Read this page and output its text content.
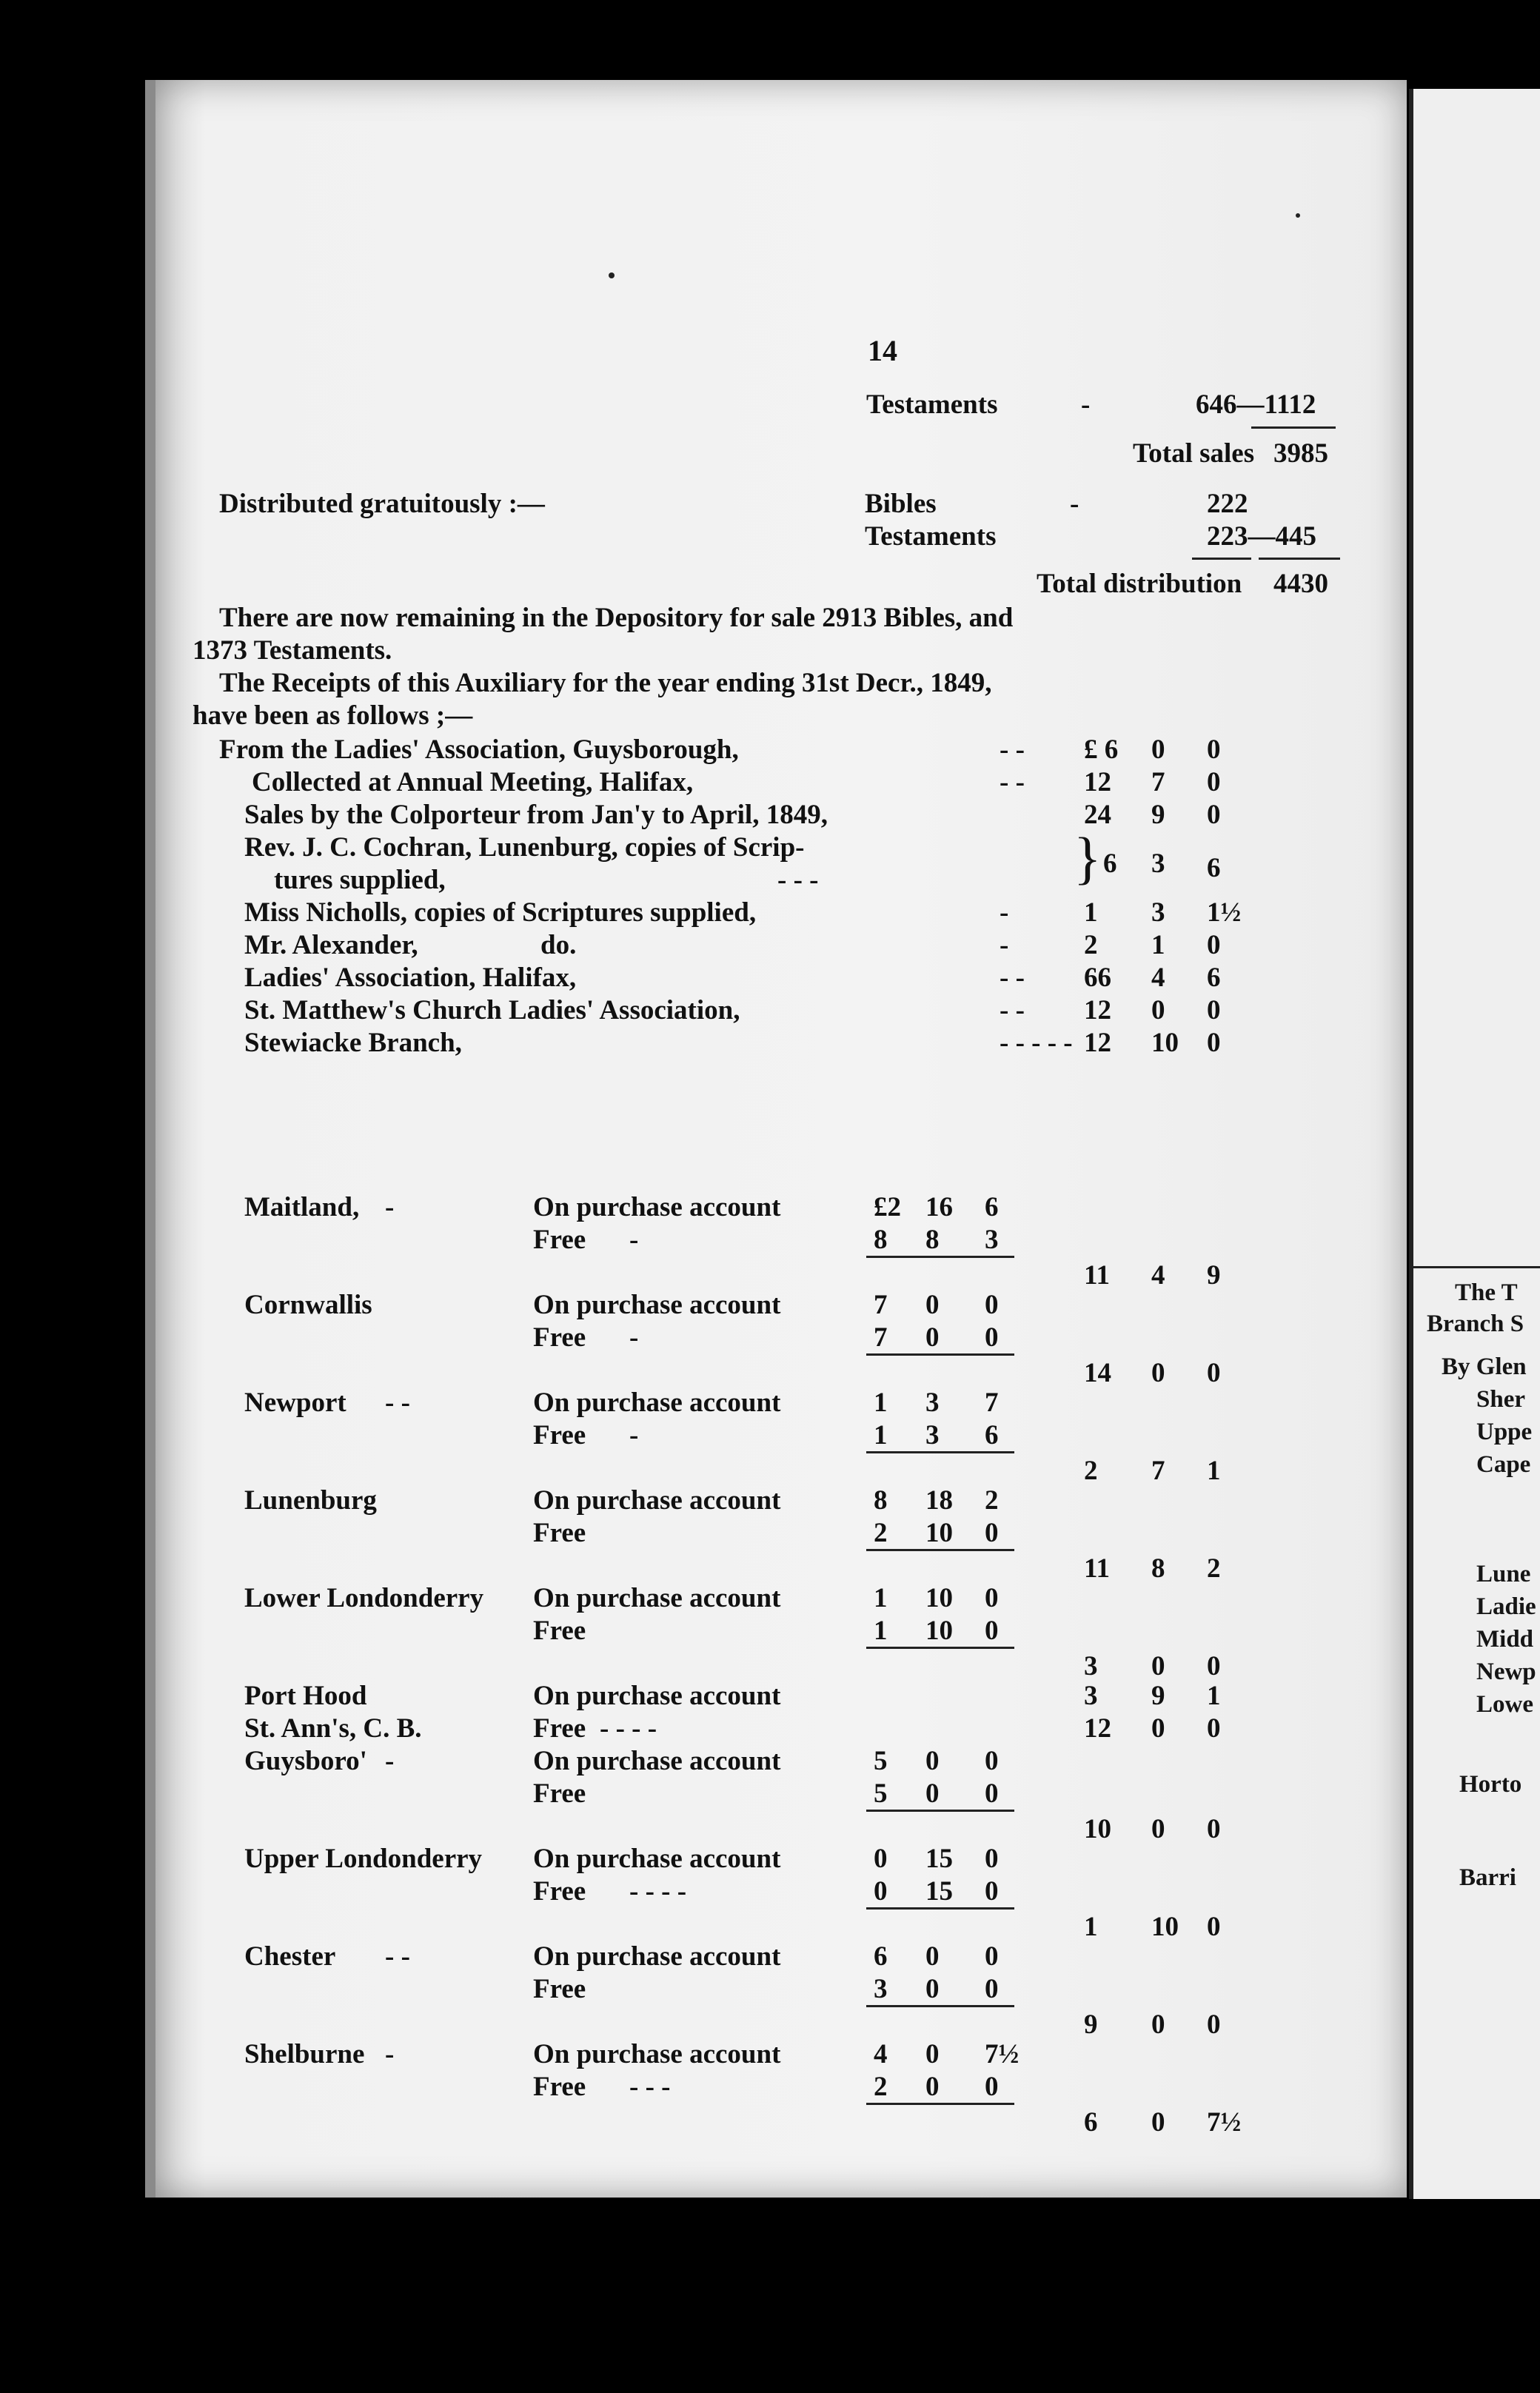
The T
Branch S
By Glen
Sher
Uppe
Cape
Lune
Ladie
Midd
Newp
Lowe
Horto
Barri
14
Testaments	-	646—1112
Total sales 3985
Distributed gratuitously :—	Bibles	-	222
Testaments	223—445
Total distribution 4430
There are now remaining in the Depository for sale 2913 Bibles, and
1373 Testaments.
The Receipts of this Auxiliary for the year ending 31st Decr., 1849,
have been as follows ;—
From the Ladies' Association, Guysborough,	- - £ 6 0 0
Collected at Annual Meeting, Halifax,	- - 12 7 0
Sales by the Colporteur from Jan'y to April, 1849,	24 9 0
Rev. J. C. Cochran, Lunenburg, copies of Scrip-
tures supplied,	- - -	} 6 3 6
Miss Nicholls, copies of Scriptures supplied,	-	1 3 1½
Mr. Alexander,	do.	-	2 1 0
Ladies' Association, Halifax,	- - 66 4 6
St. Matthew's Church Ladies' Association,	- - 12 0 0
Stewiacke Branch,	- - - - - 12 10 0
Maitland, -	On purchase account	£2 16 6
Free -	8 8 3
11 4 9
Cornwallis	On purchase account	7 0 0
Free -	7 0 0
14 0 0
Newport - -	On purchase account	1 3 7
Free -	1 3 6
2 7 1
Lunenburg	On purchase account	8 18 2
Free	2 10 0
11 8 2
Lower Londonderry On purchase account	1 10 0
Free	1 10 0
3 0 0
Port Hood	On purchase account	3 9 1
St. Ann's, C. B.	Free - - - -	12 0 0
Guysboro' -	On purchase account	5 0 0
Free	5 0 0
10 0 0
Upper Londonderry On purchase account	0 15 0
Free - - - -	0 15 0
1 10 0
Chester - -	On purchase account	6 0 0
Free	3 0 0
9 0 0
Shelburne -	On purchase account	4 0 7½
Free - - -	2 0 0
6 0 7½
